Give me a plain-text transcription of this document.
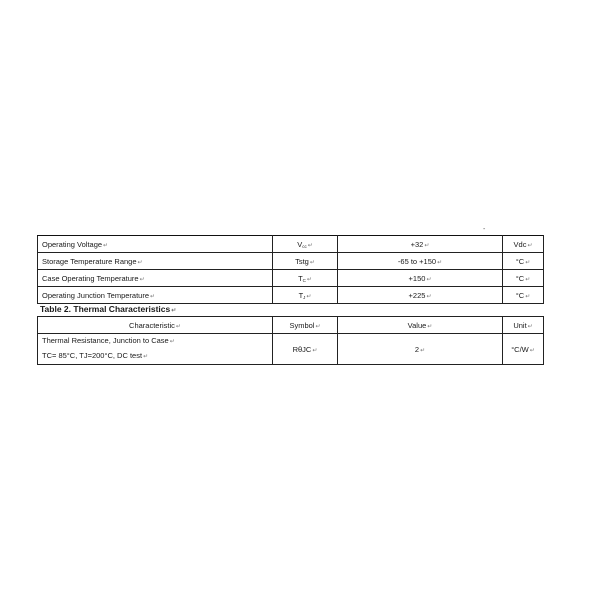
-
Operating Voltage↵	Vcc↵	+32↵	Vdc↵
Storage Temperature Range↵	Tstg↵	-65 to +150↵	°C↵
Case Operating Temperature↵	TC↵	+150↵	°C↵
Operating Junction Temperature↵	TJ↵	+225↵	°C↵

Table 2. Thermal Characteristics↵

Characteristic↵	Symbol↵	Value↵	Unit↵

Thermal Resistance, Junction to Case↵
TC= 85°C, TJ=200°C, DC test↵	RθJC↵	2↵	°C/W↵
